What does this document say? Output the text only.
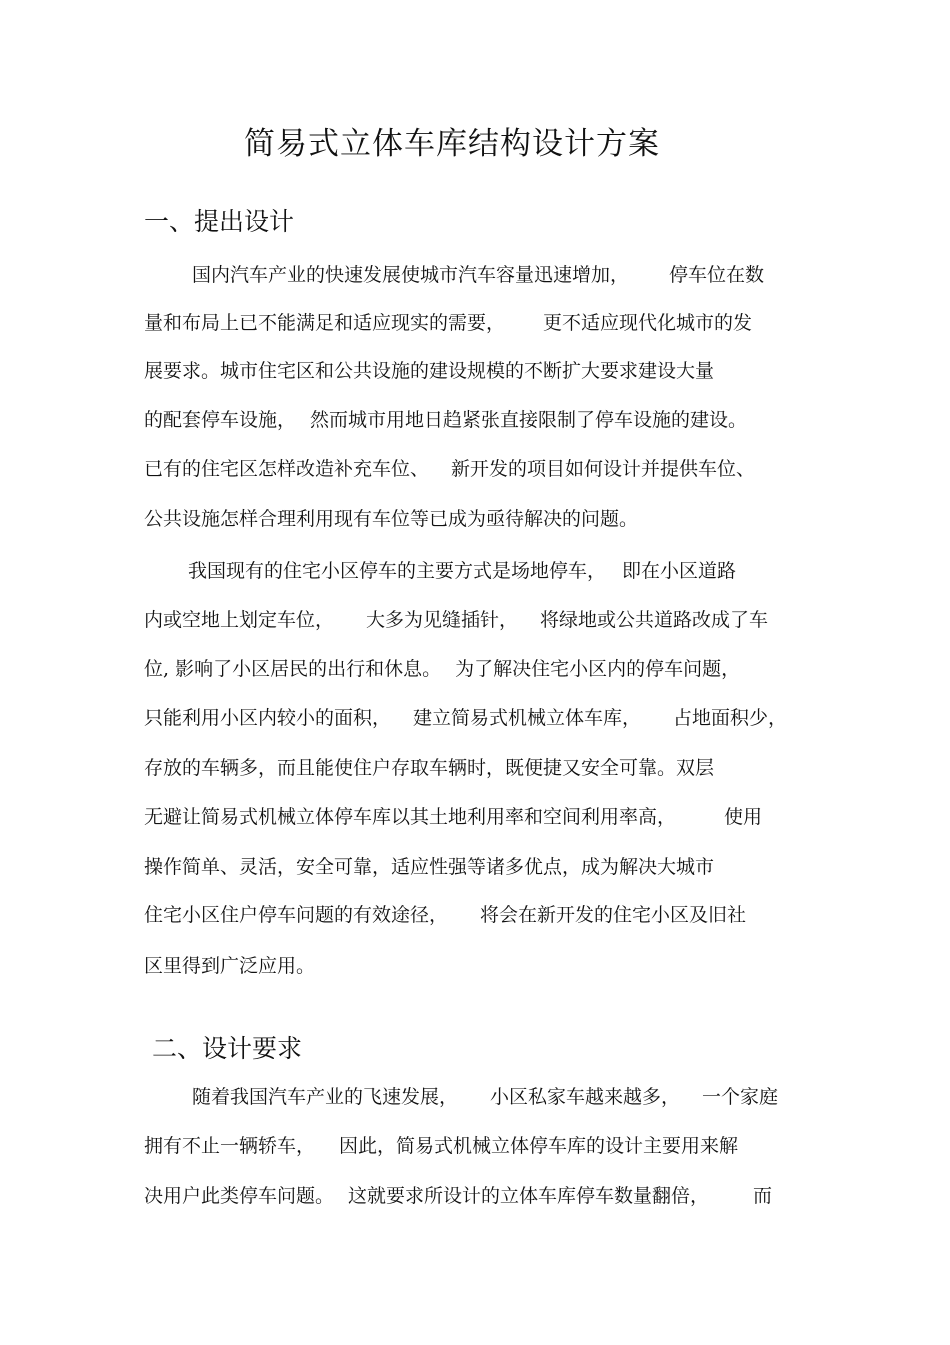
简易式立体车库结构设计方案
一、提出设计
国内汽车产业的快速发展使城市汽车容量迅速增加， 停车位在数
量和布局上已不能满足和适应现实的需要， 更不适应现代化城市的发
展要求。城市住宅区和公共设施的建设规模的不断扩大要求建设大量
的配套停车设施， 然而城市用地日趋紧张直接限制了停车设施的建设。
已有的住宅区怎样改造补充车位、 新开发的项目如何设计并提供车位、
公共设施怎样合理利用现有车位等已成为亟待解决的问题。
我国现有的住宅小区停车的主要方式是场地停车， 即在小区道路
内或空地上划定车位， 大多为见缝插针， 将绿地或公共道路改成了车
位, 影响了小区居民的出行和休息。 为了解决住宅小区内的停车问题，
只能利用小区内较小的面积， 建立简易式机械立体车库， 占地面积少，
存放的车辆多，而且能使住户存取车辆时，既便捷又安全可靠。双层
无避让简易式机械立体停车库以其土地利用率和空间利用率高，	使用
操作简单、灵活，安全可靠，适应性强等诸多优点，成为解决大城市
住宅小区住户停车问题的有效途径， 将会在新开发的住宅小区及旧社
区里得到广泛应用。
二、设计要求
随着我国汽车产业的飞速发展， 小区私家车越来越多， 一个家庭
拥有不止一辆轿车， 因此，简易式机械立体停车库的设计主要用来解
决用户此类停车问题。 这就要求所设计的立体车库停车数量翻倍， 而
